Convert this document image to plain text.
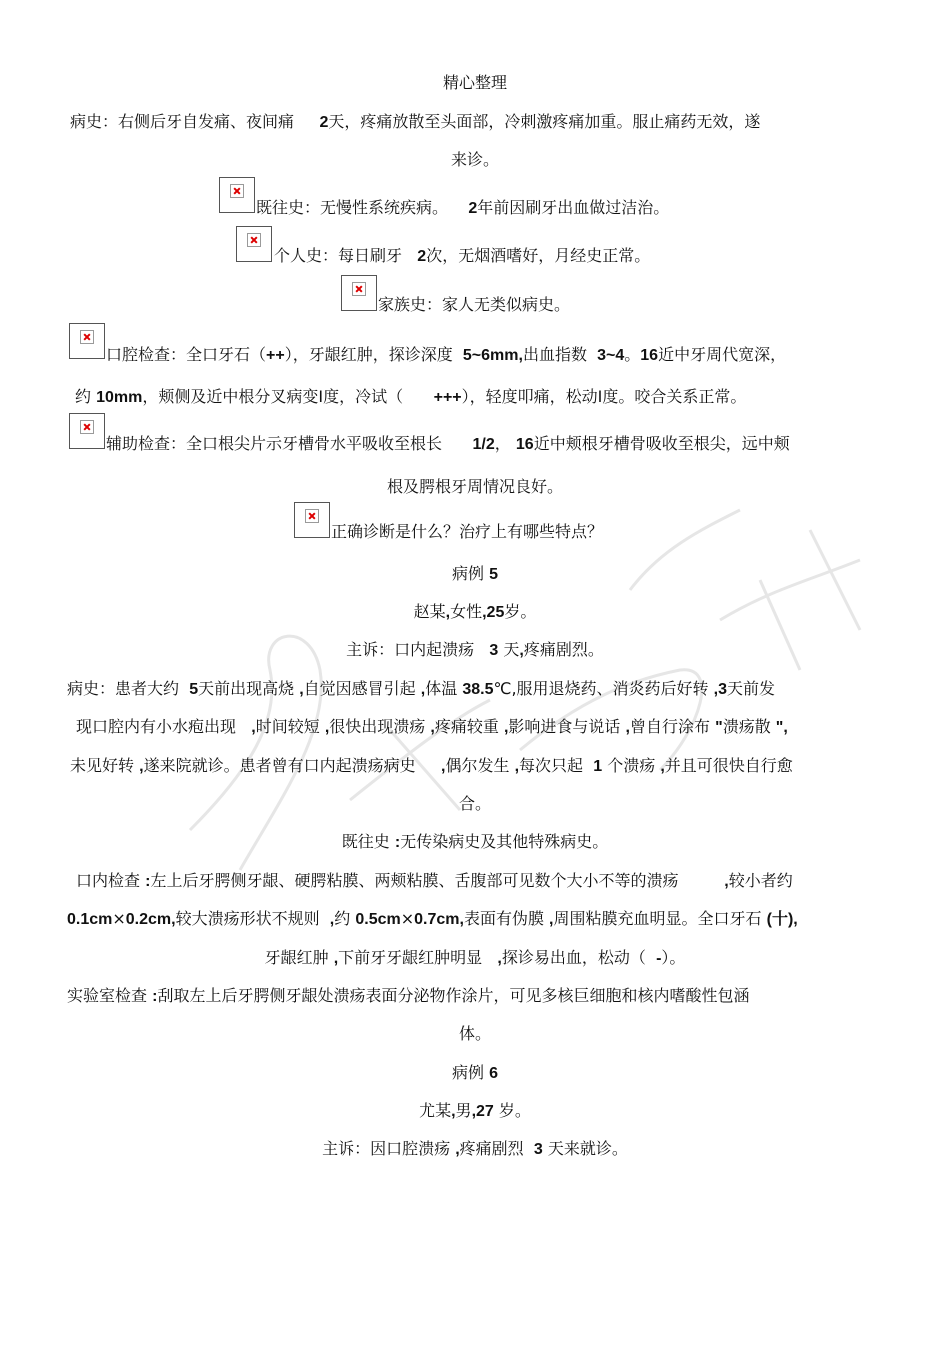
精心整理
病史：右侧后牙自发痛、夜间痛 2天，疼痛放散至头面部，冷刺激疼痛加重。服止痛药无效，遂
来诊。
既往史：无慢性系统疾病。 2年前因刷牙出血做过洁治。
个人史：每日刷牙 2次，无烟酒嗜好，月经史正常。
家族史：家人无类似病史。
口腔检查：全口牙石（++），牙龈红肿，探诊深度 5~6mm,出血指数 3~4。16近中牙周代宽深，
约 10mm，颊侧及近中根分叉病变Ⅰ度，冷试（ +++），轻度叩痛，松动Ⅰ度。咬合关系正常。
辅助检查：全口根尖片示牙槽骨水平吸收至根长 1/2， 16近中颊根牙槽骨吸收至根尖，远中颊
根及腭根牙周情况良好。
正确诊断是什么？治疗上有哪些特点？
病例 5
赵某,女性,25岁。
主诉：口内起溃疡 3 天,疼痛剧烈。
病史：患者大约 5天前出现高烧 ,自觉因感冒引起 ,体温 38.5℃,服用退烧药、消炎药后好转 ,3天前发
现口腔内有小水疱出现 ,时间较短 ,很快出现溃疡 ,疼痛较重 ,影响进食与说话 ,曾自行涂布 "溃疡散 ",
未见好转 ,遂来院就诊。患者曾有口内起溃疡病史 ,偶尔发生 ,每次只起 1 个溃疡 ,并且可很快自行愈
合。
既往史 :无传染病史及其他特殊病史。
口内检查 :左上后牙腭侧牙龈、硬腭粘膜、两颊粘膜、舌腹部可见数个大小不等的溃疡	,较小者约
0.1cm×0.2cm,较大溃疡形状不规则 ,约 0.5cm×0.7cm,表面有伪膜 ,周围粘膜充血明显。全口牙石 (十),
牙龈红肿 ,下前牙牙龈红肿明显 ,探诊易出血，松动（ -）。
实验室检查 :刮取左上后牙腭侧牙龈处溃疡表面分泌物作涂片，可见多核巨细胞和核内嗜酸性包涵
体。
病例 6
尤某,男,27 岁。
主诉：因口腔溃疡 ,疼痛剧烈 3 天来就诊。
